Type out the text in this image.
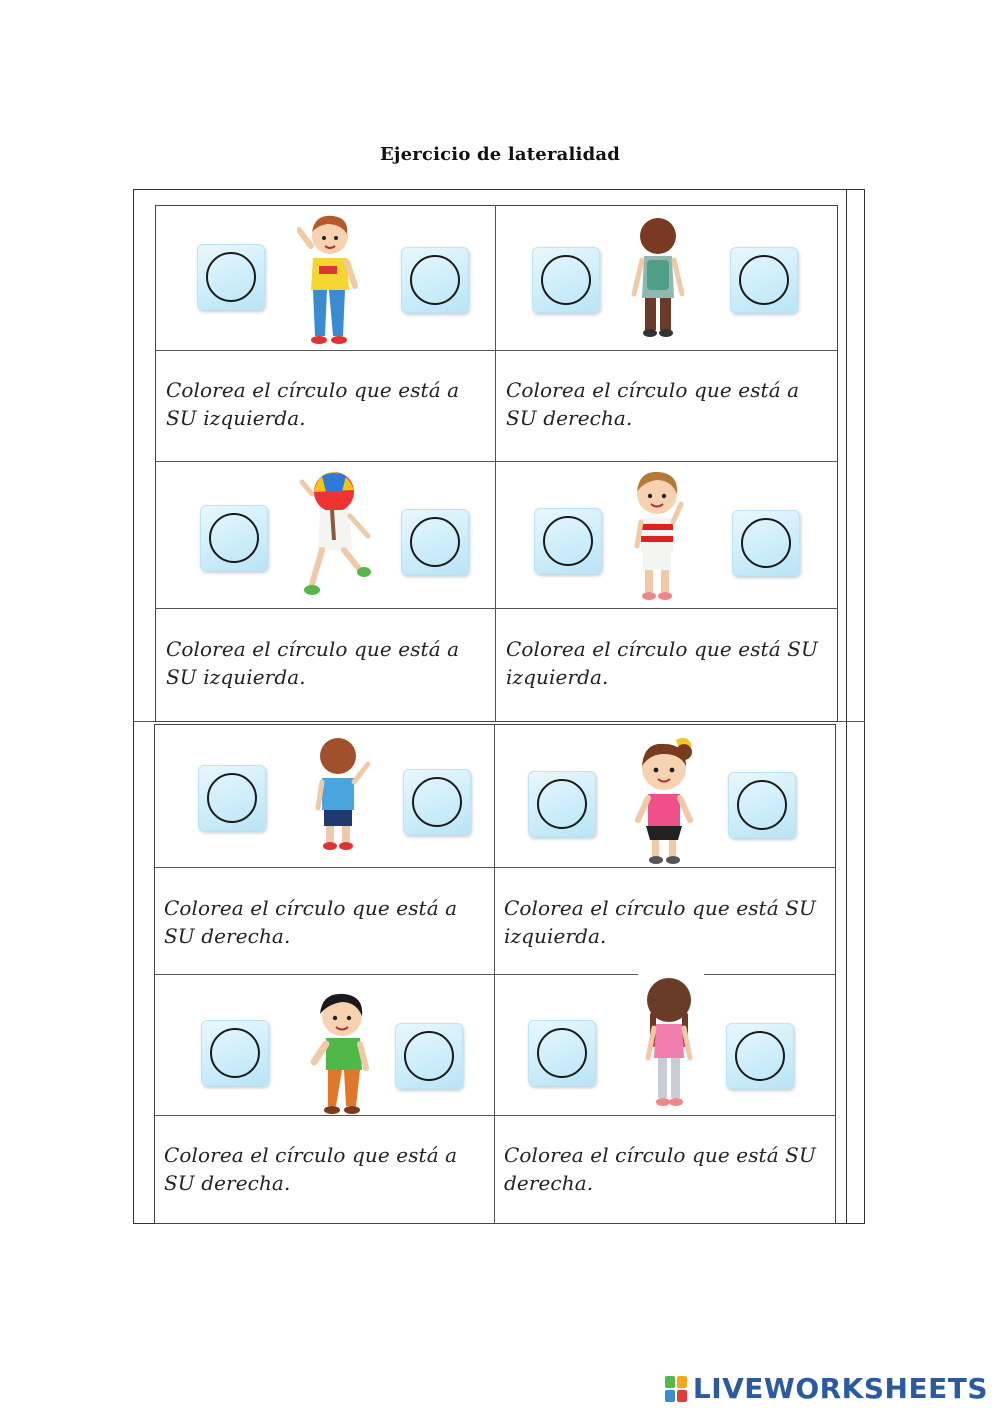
Ejercicio de lateralidad
Colorea el círculo que está a SU izquierda.
Colorea el círculo que está a SU derecha.
Colorea el círculo que está a SU izquierda.
Colorea el círculo que está SU izquierda.
Colorea el círculo que está a SU derecha.
Colorea el círculo que está SU izquierda.
Colorea el círculo que está a SU derecha.
Colorea el círculo que está SU derecha.
LIVEWORKSHEETS
